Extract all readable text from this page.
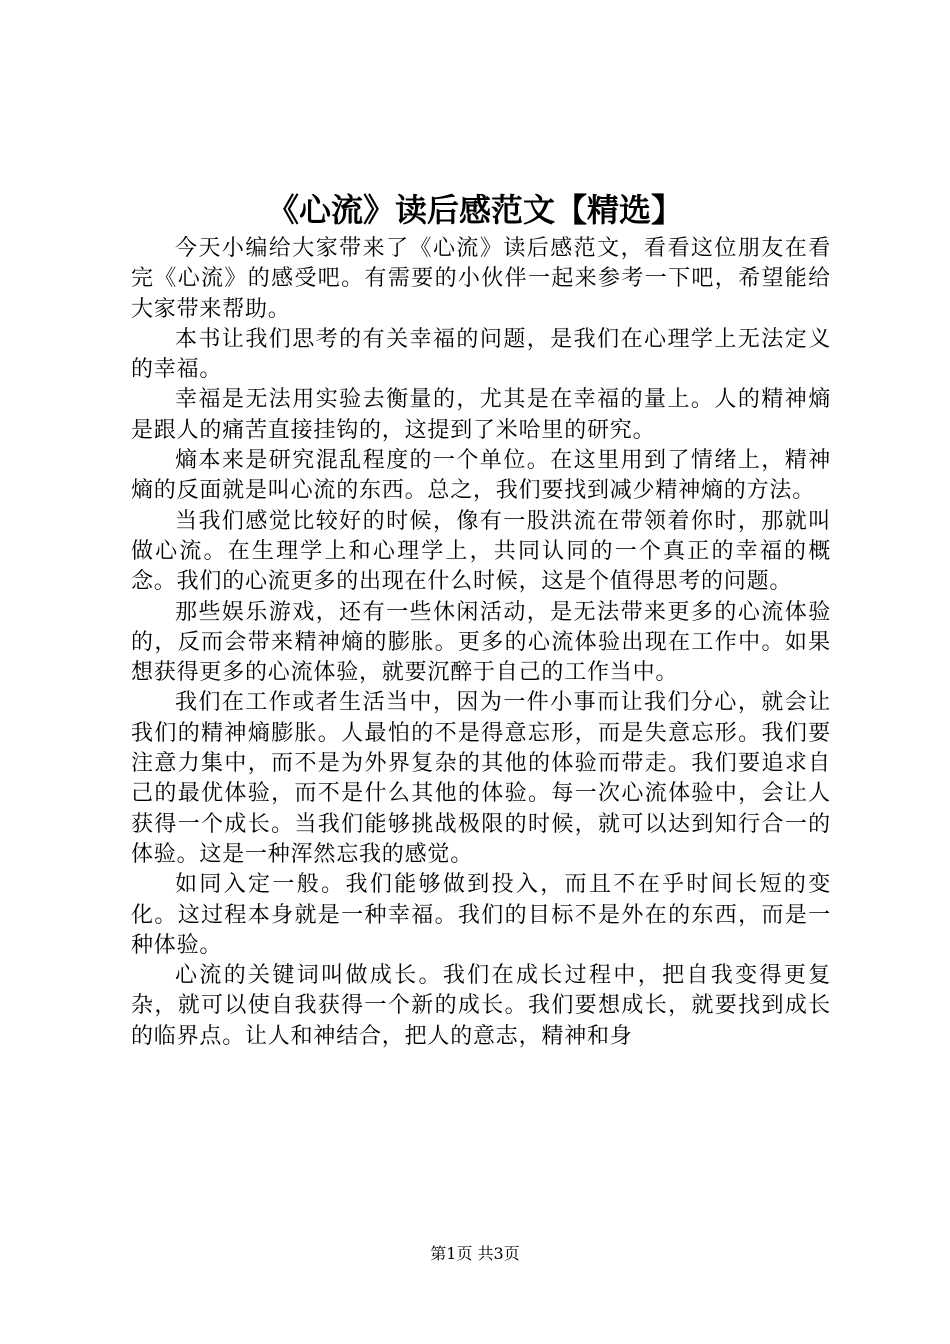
《心流》读后感范文【精选】

今天小编给大家带来了《心流》读后感范文，看看这位朋友在看完《心流》的感受吧。有需要的小伙伴一起来参考一下吧，希望能给大家带来帮助。

本书让我们思考的有关幸福的问题，是我们在心理学上无法定义的幸福。

幸福是无法用实验去衡量的，尤其是在幸福的量上。人的精神熵是跟人的痛苦直接挂钩的，这提到了米哈里的研究。

熵本来是研究混乱程度的一个单位。在这里用到了情绪上，精神熵的反面就是叫心流的东西。总之，我们要找到减少精神熵的方法。

当我们感觉比较好的时候，像有一股洪流在带领着你时，那就叫做心流。在生理学上和心理学上，共同认同的一个真正的幸福的概念。我们的心流更多的出现在什么时候，这是个值得思考的问题。

那些娱乐游戏，还有一些休闲活动，是无法带来更多的心流体验的，反而会带来精神熵的膨胀。更多的心流体验出现在工作中。如果想获得更多的心流体验，就要沉醉于自己的工作当中。

我们在工作或者生活当中，因为一件小事而让我们分心，就会让我们的精神熵膨胀。人最怕的不是得意忘形，而是失意忘形。我们要注意力集中，而不是为外界复杂的其他的体验而带走。我们要追求自己的最优体验，而不是什么其他的体验。每一次心流体验中，会让人获得一个成长。当我们能够挑战极限的时候，就可以达到知行合一的体验。这是一种浑然忘我的感觉。

如同入定一般。我们能够做到投入，而且不在乎时间长短的变化。这过程本身就是一种幸福。我们的目标不是外在的东西，而是一种体验。

心流的关键词叫做成长。我们在成长过程中，把自我变得更复杂，就可以使自我获得一个新的成长。我们要想成长，就要找到成长的临界点。让人和神结合，把人的意志，精神和身

第1页 共3页
